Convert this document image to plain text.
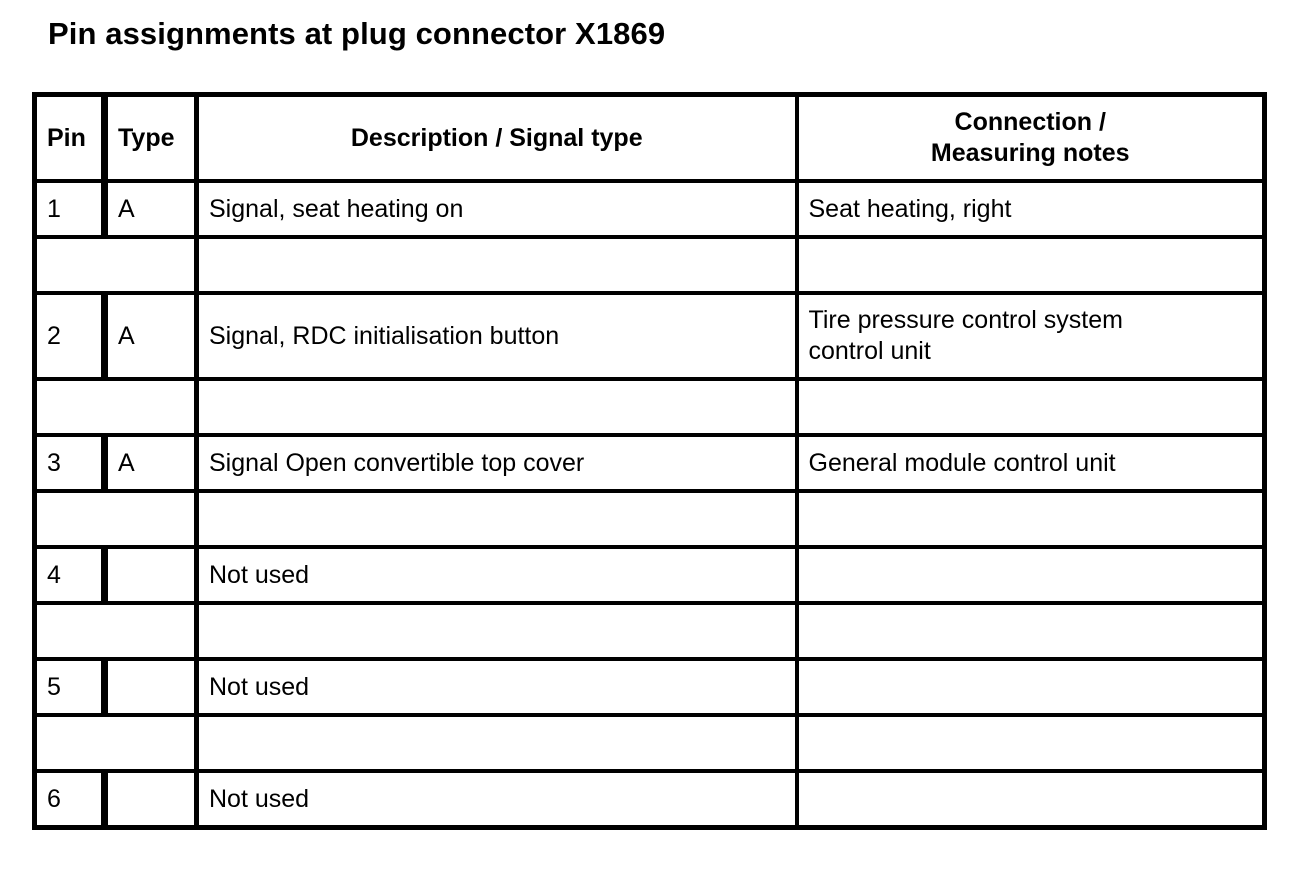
Pin assignments at plug connector X1869
Pin	Type	Description / Signal type	Connection /
Measuring notes
1	A	Signal, seat heating on	Seat heating, right

2	A	Signal, RDC initialisation button	Tire pressure control system
control unit

3	A	Signal Open convertible top cover	General module control unit

4		Not used	

5		Not used	

6		Not used	
